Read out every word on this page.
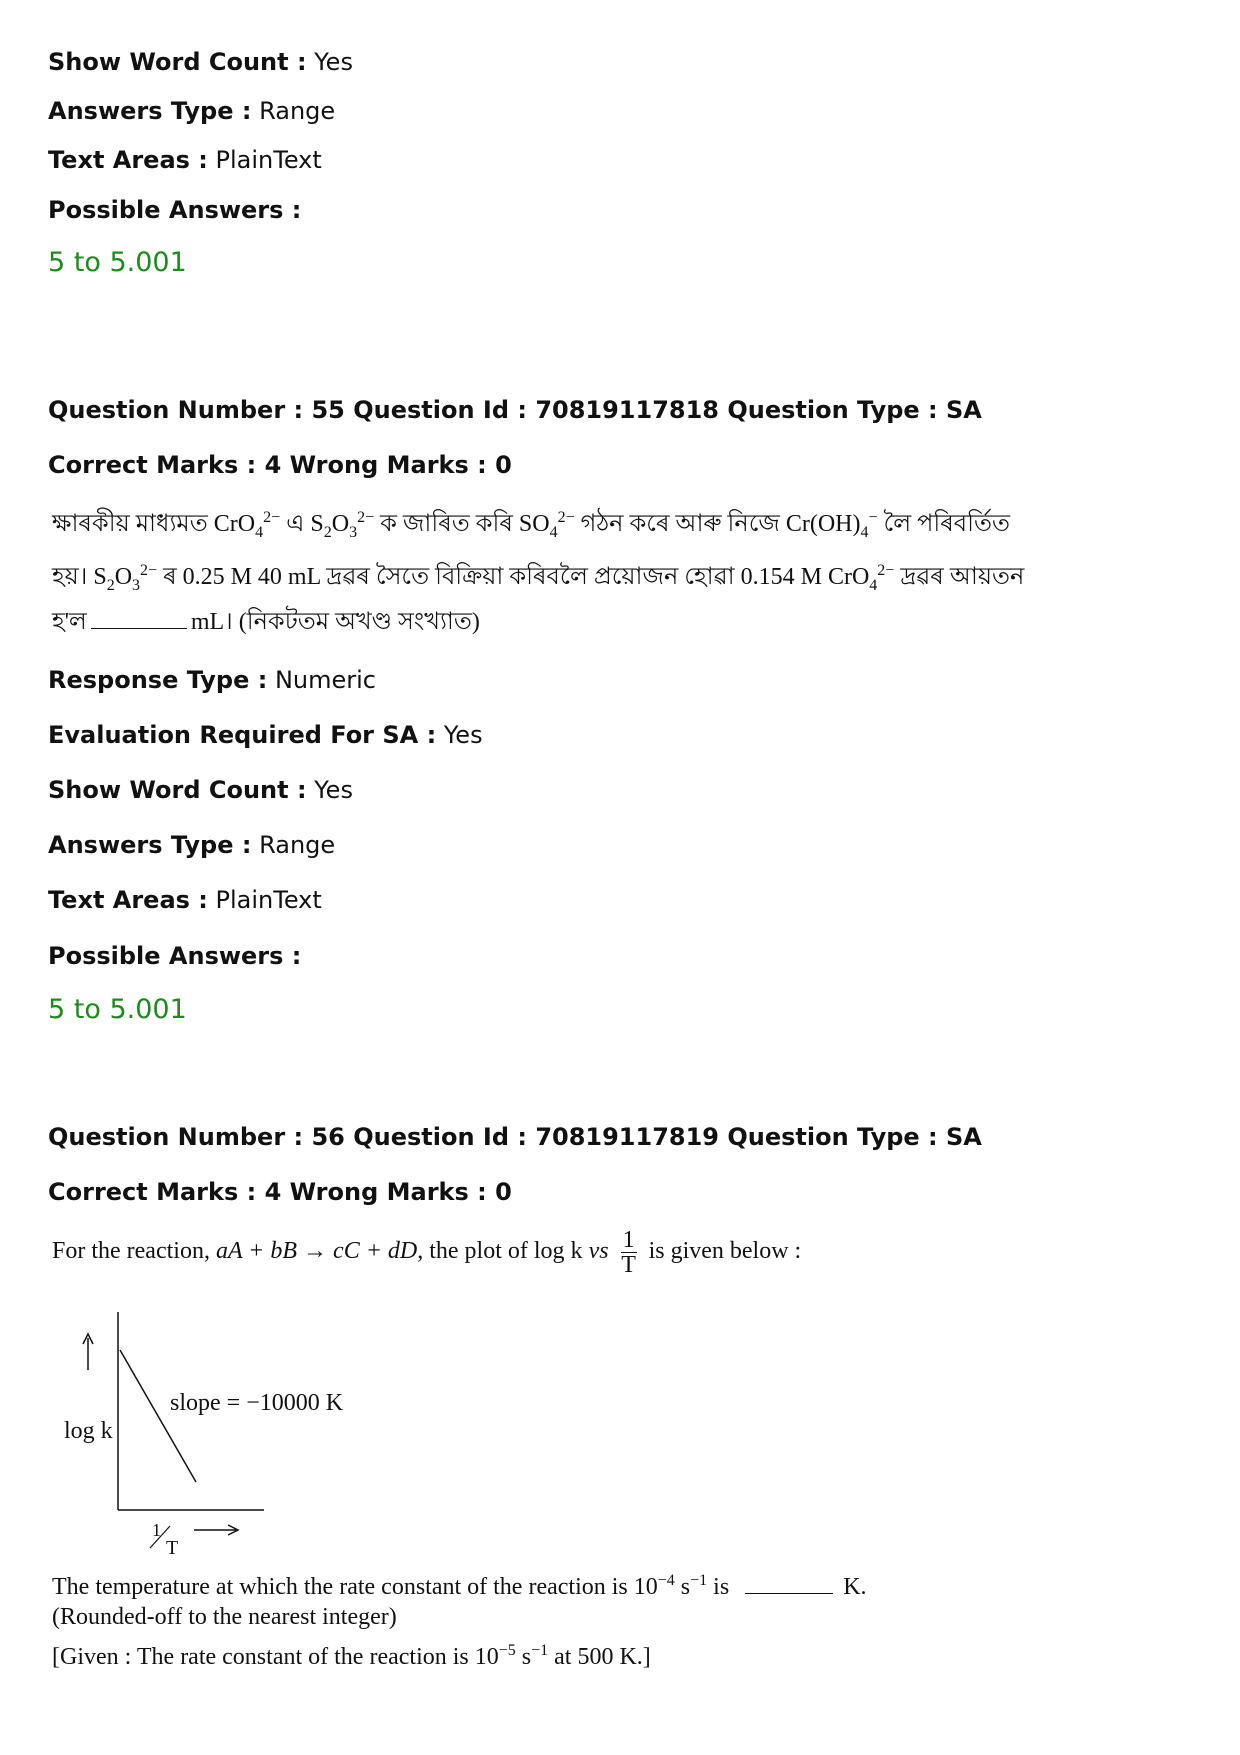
Show Word Count : Yes
Answers Type : Range
Text Areas : PlainText
Possible Answers :
5 to 5.001
Question Number : 55 Question Id : 70819117818 Question Type : SA
Correct Marks : 4 Wrong Marks : 0
ক্ষাৰকীয় মাধ্যমত CrO$_4^{2-}$ এ $S_2O_3^{2-}$ ক জাৰিত কৰি $SO_4^{2-}$ গঠন কৰে আৰু নিজে $Cr(OH)_4^-$ লৈ পৰিবৰ্তিত
হয়। $S_2O_3^{2-}$ ৰ 0.25 M 40 mL দ্ৰৱৰ সৈতে বিক্ৰিয়া কৰিবলৈ প্ৰয়োজন হোৱা 0.154 M CrO$_4^{2-}$ দ্ৰৱৰ আয়তন
হ'ল	mL। (নিকটতম অখণ্ড সংখ্যাত)
Response Type : Numeric
Evaluation Required For SA : Yes
Show Word Count : Yes
Answers Type : Range
Text Areas : PlainText
Possible Answers :
5 to 5.001
Question Number : 56 Question Id : 70819117819 Question Type : SA
Correct Marks : 4 Wrong Marks : 0
For the reaction, aA + bB → cC + dD, the plot of log k vs $\frac{1}{T}$ is given below :
log k
slope = −10000 K
1
T
The temperature at which the rate constant of the reaction is $10^{-4}$ $s^{-1}$ is	K.
(Rounded-off to the nearest integer)
[Given : The rate constant of the reaction is $10^{-5}$ $s^{-1}$ at 500 K.]
